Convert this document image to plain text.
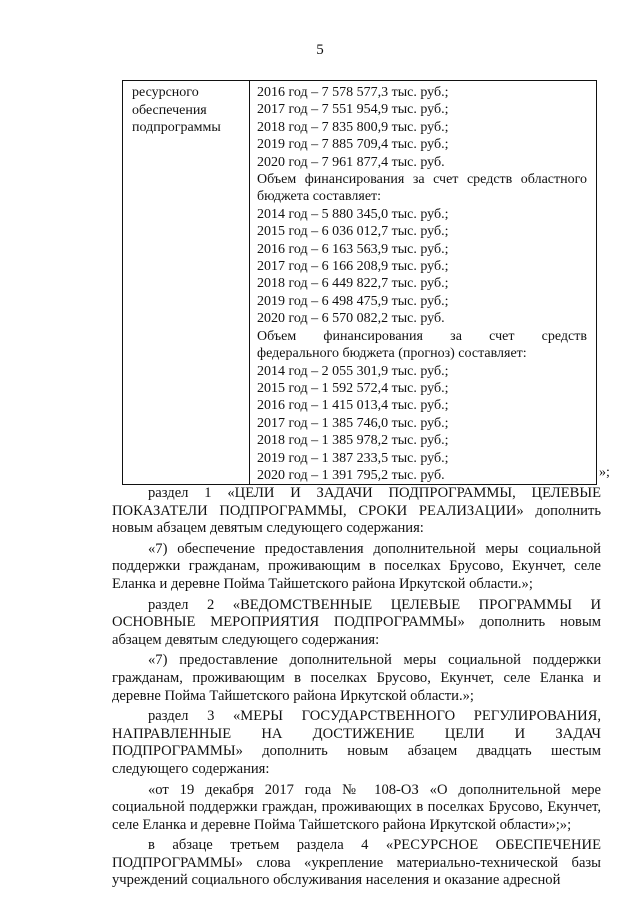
5
ресурсного
обеспечения
подпрограммы
2016 год – 7 578 577,3 тыс. руб.;
2017 год – 7 551 954,9 тыс. руб.;
2018 год – 7 835 800,9 тыс. руб.;
2019 год – 7 885 709,4 тыс. руб.;
2020 год – 7 961 877,4 тыс. руб.
Объем финансирования за счет средств областного
бюджета составляет:
2014 год – 5 880 345,0 тыс. руб.;
2015 год – 6 036 012,7 тыс. руб.;
2016 год – 6 163 563,9 тыс. руб.;
2017 год – 6 166 208,9 тыс. руб.;
2018 год – 6 449 822,7 тыс. руб.;
2019 год – 6 498 475,9 тыс. руб.;
2020 год – 6 570 082,2 тыс. руб.
Объем финансирования за счет средств
федерального бюджета (прогноз) составляет:
2014 год – 2 055 301,9 тыс. руб.;
2015 год – 1 592 572,4 тыс. руб.;
2016 год – 1 415 013,4 тыс. руб.;
2017 год – 1 385 746,0 тыс. руб.;
2018 год – 1 385 978,2 тыс. руб.;
2019 год – 1 387 233,5 тыс. руб.;
2020 год – 1 391 795,2 тыс. руб.	»;

раздел 1 «ЦЕЛИ И ЗАДАЧИ ПОДПРОГРАММЫ, ЦЕЛЕВЫЕ ПОКАЗАТЕЛИ ПОДПРОГРАММЫ, СРОКИ РЕАЛИЗАЦИИ» дополнить новым абзацем девятым следующего содержания:

«7) обеспечение предоставления дополнительной меры социальной поддержки гражданам, проживающим в поселках Брусово, Екунчет, селе Еланка и деревне Пойма Тайшетского района Иркутской области.»;

раздел 2 «ВЕДОМСТВЕННЫЕ ЦЕЛЕВЫЕ ПРОГРАММЫ И ОСНОВНЫЕ МЕРОПРИЯТИЯ ПОДПРОГРАММЫ» дополнить новым абзацем девятым следующего содержания:

«7) предоставление дополнительной меры социальной поддержки гражданам, проживающим в поселках Брусово, Екунчет, селе Еланка и деревне Пойма Тайшетского района Иркутской области.»;

раздел 3 «МЕРЫ ГОСУДАРСТВЕННОГО РЕГУЛИРОВАНИЯ, НАПРАВЛЕННЫЕ НА ДОСТИЖЕНИЕ ЦЕЛИ И ЗАДАЧ ПОДПРОГРАММЫ» дополнить новым абзацем двадцать шестым следующего содержания:

«от 19 декабря 2017 года № 108-ОЗ «О дополнительной мере социальной поддержки граждан, проживающих в поселках Брусово, Екунчет, селе Еланка и деревне Пойма Тайшетского района Иркутской области»;»;

в абзаце третьем раздела 4 «РЕСУРСНОЕ ОБЕСПЕЧЕНИЕ ПОДПРОГРАММЫ» слова «укрепление материально-технической базы учреждений социального обслуживания населения и оказание адресной
